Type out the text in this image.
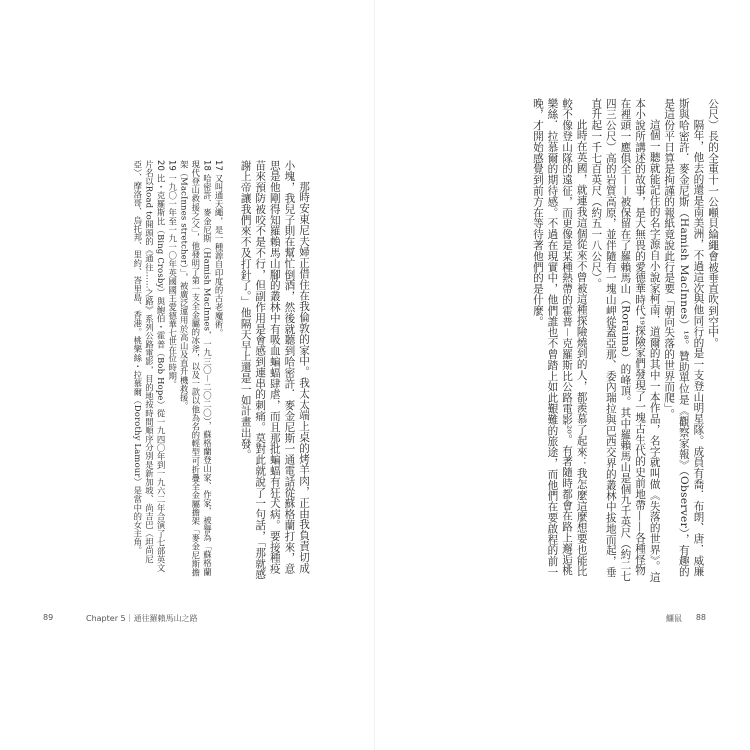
那時安東尼夫婦正借住在我倫敦的家中。我太太端上桌的烤羊肉，正由我負責切成小塊，我兒子則在幫忙倒酒，然後就聽到哈密許．麥金尼斯一通電話從蘇格蘭打來，意思是他剛得知羅賴馬山腳的叢林中有吸血蝙蝠肆虐，而且那批蝙蝠有狂犬病。要接種疫苗來預防被咬不是不行，但副作用是會感到連串的刺痛。莫對此就說了一句話，「那就感謝上帝讓我們來不及打針了。」他隔天早上還是一如計畫出發。

17 又叫通天繩，是一種源自印度的古老魔術。

18 哈密許．麥金尼斯（Hamish MacInnes，一九三〇－二〇二〇），蘇格蘭登山家、作家，被譽為「蘇格蘭現代登山救援之父」，他發明了第一支全金屬的冰斧，以及一款以他為名的輕型可折疊全金屬擔架「麥金尼斯擔架（MacInnes stretcher）」，被廣泛運用於高山及直升機救援。

19 一九〇一年至一九一〇年英國國王愛德華七世在位時期。

20 比・克羅斯比（Bing Crosby）與鮑伯・霍普（Bob Hope）從一九四〇年到一九六二年合演了七部英文片名以Road to開頭的《通往……之路》系列公路電影，目的地按時間順序分別是新加坡、尚吉巴（坦尚尼亞）、摩洛哥、烏托邦、里約、峇里島、香港。桃樂絲・拉慕爾（Dorothy Lamour）是當中的女主角。

89	Chapter 5｜通往羅賴馬山之路

公尺）長的全重十一公噸貝綸繩會被垂直吹到空中。

隔年，他去的還是南美洲，不過這次與他同行的是一支登山明星隊。成員有喬．布朗、唐．威廉斯與哈密許．麥金尼斯（Hamish MacInnes）¹⁸。贊助單位是《觀察家報》（Observer），有趣的是這份平日算是拘謹的報紙竟說此行是要「朝向失落的世界而爬」。

這個一聽就能記住的名字源自小說家柯南．道爾的其中一本作品，名字就叫做《失落的世界》。這本小說所講述的故事，是大無畏的愛德華時代¹⁹探險家們發現了一塊古生代的史前地帶——各種怪物在裡頭一應俱全——被保留在了羅賴馬山（Roraima）的峰頂。其中羅賴馬山是個九千英尺（約二七四三公尺）高的岩質高原，並伴隨有一塊山岬從蓋亞那、委內瑞拉與巴西交界的叢林中拔地而起，垂直升起一千七百英尺（約五一八公尺）。

此時在英國，就連我這個從來不曾被這種探險燒到的人，都羨慕了起來：我怎麼這麼想要也能比較不像登山隊的遠征，而更像是某種熱帶的霍普－克羅斯比公路電影²⁰。有著隨時都會在路上邂逅桃樂絲．拉慕爾的期待感。不過在現實中，他們誰也不曾踏上如此艱難的旅途，而他們在要啟程的前一晚，才開始感覺到前方在等待著他們的是什麼。

鱷鼠 88
